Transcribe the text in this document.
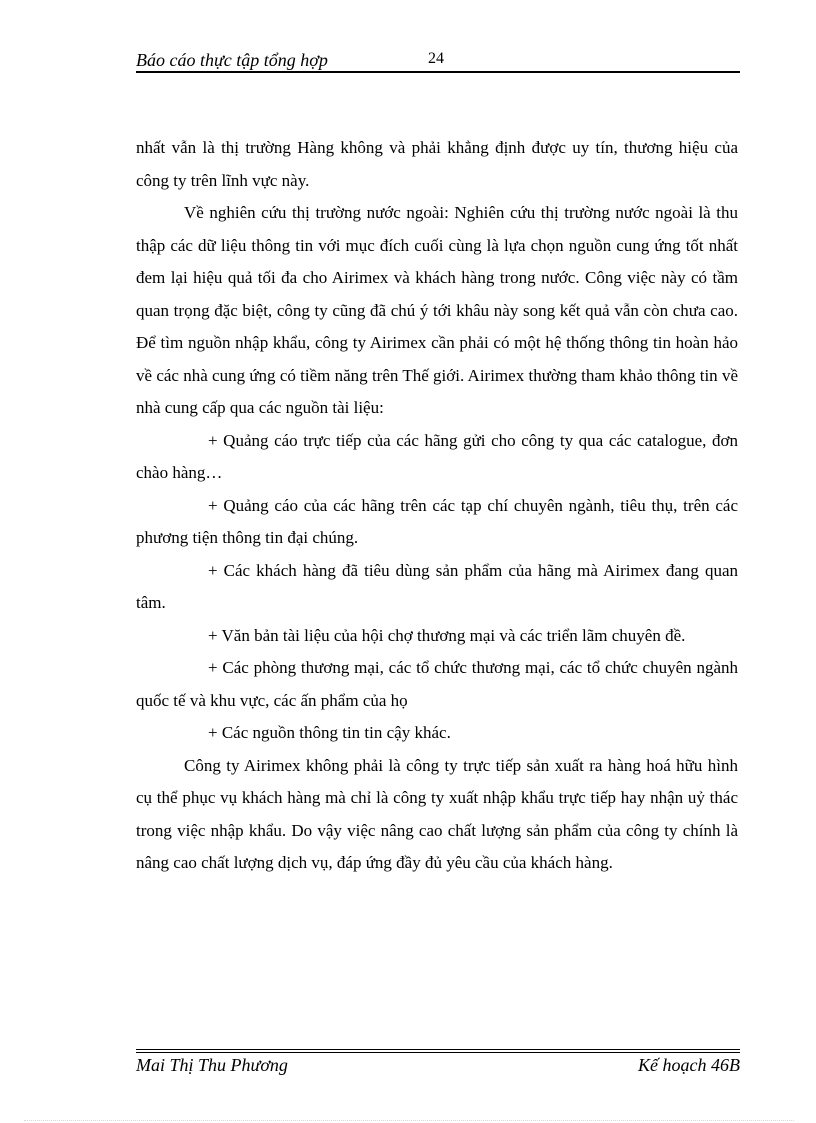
Báo cáo thực tập tổng hợp	24

nhất vẫn là thị trường Hàng không và phải khẳng định được uy tín, thương hiệu của công ty trên lĩnh vực này.

Về nghiên cứu thị trường nước ngoài: Nghiên cứu thị trường nước ngoài là thu thập các dữ liệu thông tin với mục đích cuối cùng là lựa chọn nguồn cung ứng tốt nhất đem lại hiệu quả tối đa cho Airimex và khách hàng trong nước. Công việc này có tầm quan trọng đặc biệt, công ty cũng đã chú ý tới khâu này song kết quả vẫn còn chưa cao. Để tìm nguồn nhập khẩu, công ty Airimex cần phải có một hệ thống thông tin hoàn hảo về các nhà cung ứng có tiềm năng trên Thế giới. Airimex thường tham khảo thông tin về nhà cung cấp qua các nguồn tài liệu:

+ Quảng cáo trực tiếp của các hãng gửi cho công ty qua các catalogue, đơn chào hàng…

+ Quảng cáo của các hãng trên các tạp chí chuyên ngành, tiêu thụ, trên các phương tiện thông tin đại chúng.

+ Các khách hàng đã tiêu dùng sản phẩm của hãng mà Airimex đang quan tâm.

+ Văn bản tài liệu của hội chợ thương mại và các triển lãm chuyên đề.

+ Các phòng thương mại, các tổ chức thương mại, các tổ chức chuyên ngành quốc tế và khu vực, các ấn phẩm của họ

+ Các nguồn thông tin tin cậy khác.

Công ty Airimex không phải là công ty trực tiếp sản xuất ra hàng hoá hữu hình cụ thể phục vụ khách hàng mà chỉ là công ty xuất nhập khẩu trực tiếp hay nhận uỷ thác trong việc nhập khẩu. Do vậy việc nâng cao chất lượng sản phẩm của công ty chính là nâng cao chất lượng dịch vụ, đáp ứng đầy đủ yêu cầu của khách hàng.

Mai Thị Thu Phương	Kế hoạch 46B
